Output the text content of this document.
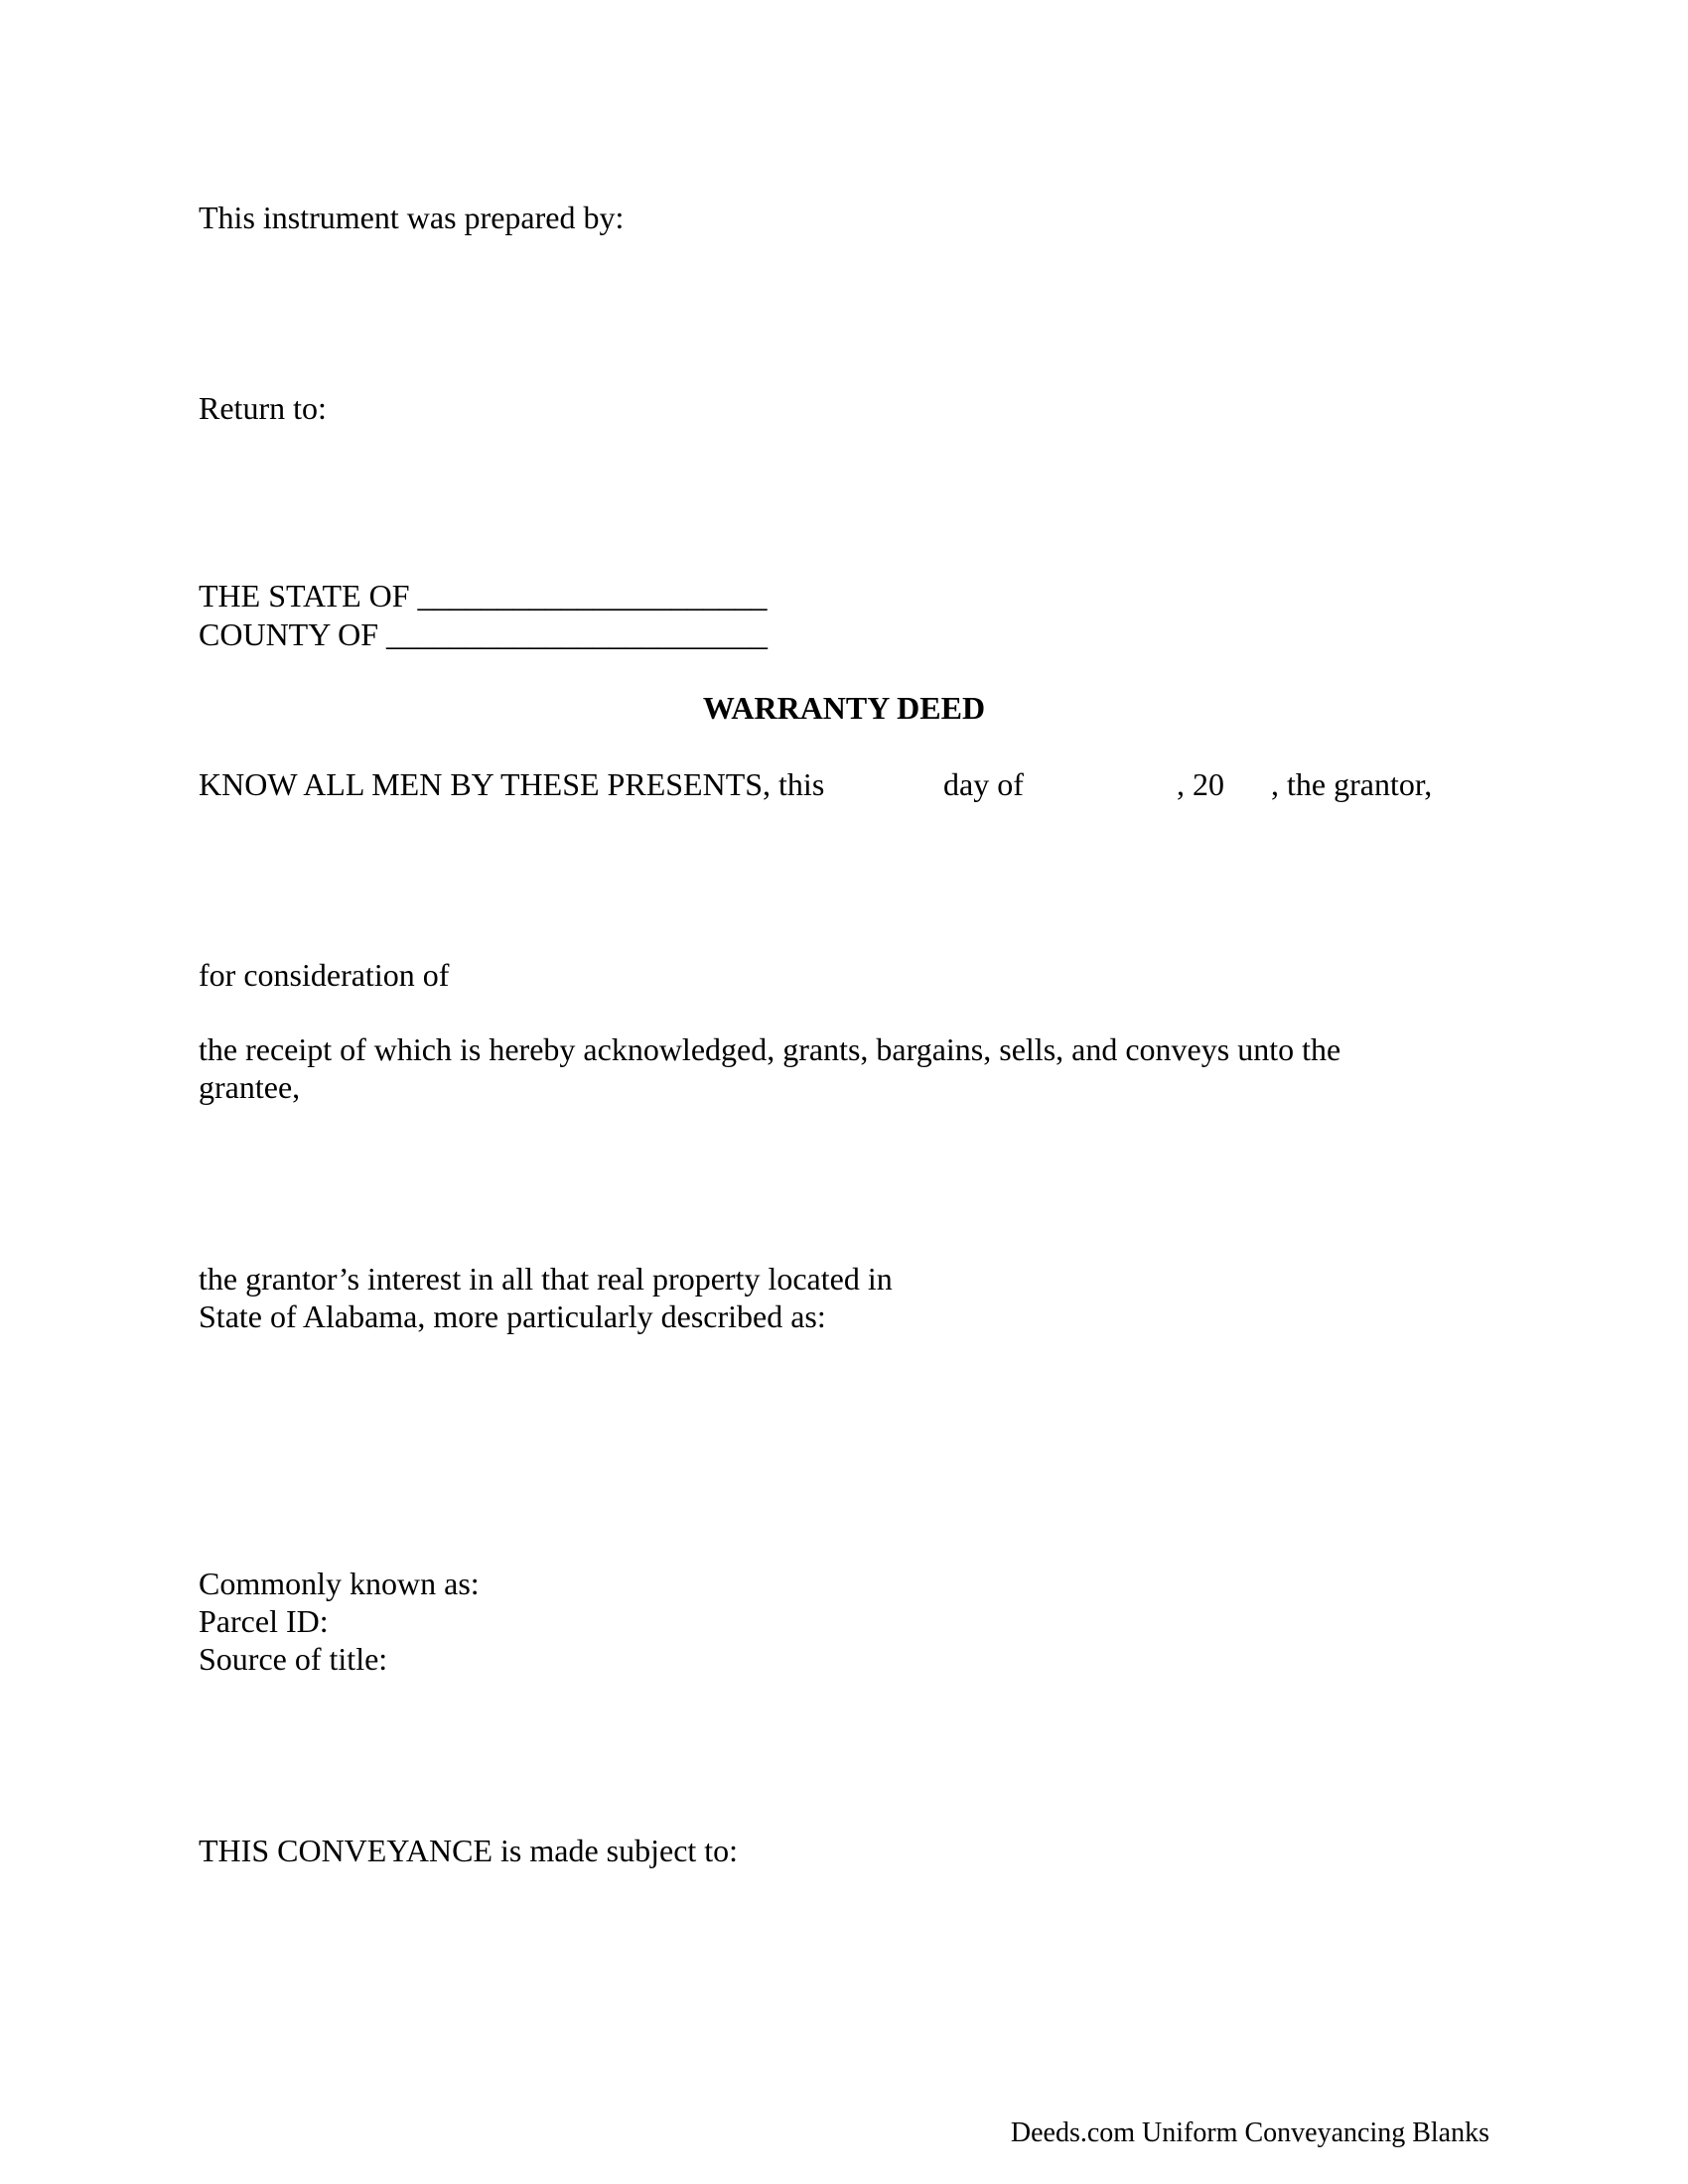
This instrument was prepared by:
Return to:
THE STATE OF ______________________
COUNTY OF ________________________
WARRANTY DEED
KNOW ALL MEN BY THESE PRESENTS, this	day of	, 20 , the grantor,
for consideration of
the receipt of which is hereby acknowledged, grants, bargains, sells, and conveys unto the
grantee,
the grantor’s interest in all that real property located in
State of Alabama, more particularly described as:
Commonly known as:
Parcel ID:
Source of title:
THIS CONVEYANCE is made subject to:
Deeds.com Uniform Conveyancing Blanks
